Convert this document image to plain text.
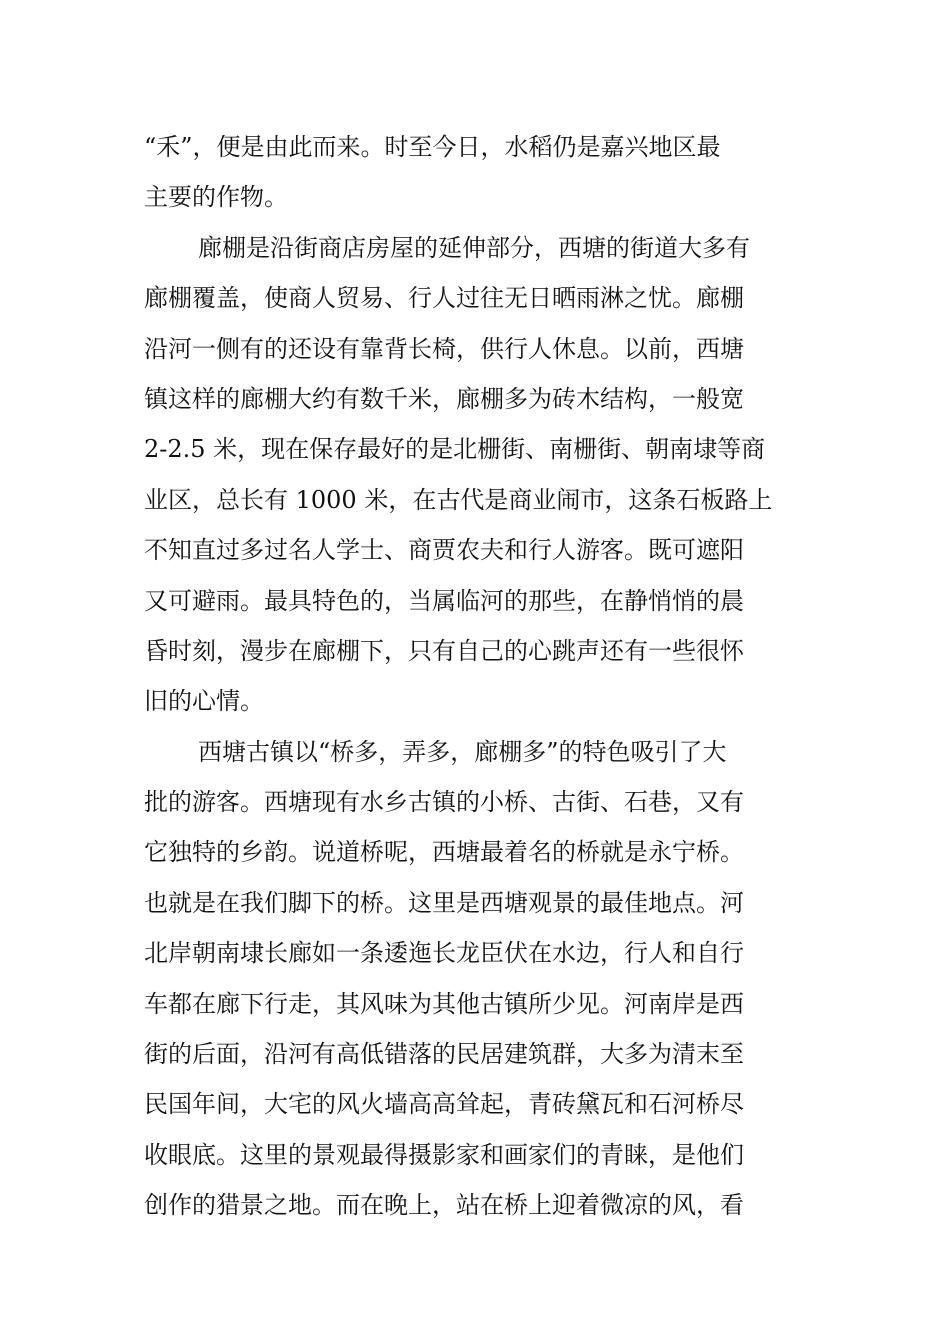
“禾”，便是由此而来。时至今日，水稻仍是嘉兴地区最
主要的作物。
廊棚是沿街商店房屋的延伸部分，西塘的街道大多有
廊棚覆盖，使商人贸易、行人过往无日晒雨淋之忧。廊棚
沿河一侧有的还设有靠背长椅，供行人休息。以前，西塘
镇这样的廊棚大约有数千米，廊棚多为砖木结构，一般宽
2-2.5 米，现在保存最好的是北栅街、南栅街、朝南埭等商
业区，总长有 1000 米，在古代是商业闹市，这条石板路上
不知直过多过名人学士、商贾农夫和行人游客。既可遮阳
又可避雨。最具特色的，当属临河的那些，在静悄悄的晨
昏时刻，漫步在廊棚下，只有自己的心跳声还有一些很怀
旧的心情。
西塘古镇以“桥多，弄多，廊棚多”的特色吸引了大
批的游客。西塘现有水乡古镇的小桥、古街、石巷，又有
它独特的乡韵。说道桥呢，西塘最着名的桥就是永宁桥。
也就是在我们脚下的桥。这里是西塘观景的最佳地点。河
北岸朝南埭长廊如一条逶迤长龙臣伏在水边，行人和自行
车都在廊下行走，其风味为其他古镇所少见。河南岸是西
街的后面，沿河有高低错落的民居建筑群，大多为清末至
民国年间，大宅的风火墙高高耸起，青砖黛瓦和石河桥尽
收眼底。这里的景观最得摄影家和画家们的青睐，是他们
创作的猎景之地。而在晚上，站在桥上迎着微凉的风，看
